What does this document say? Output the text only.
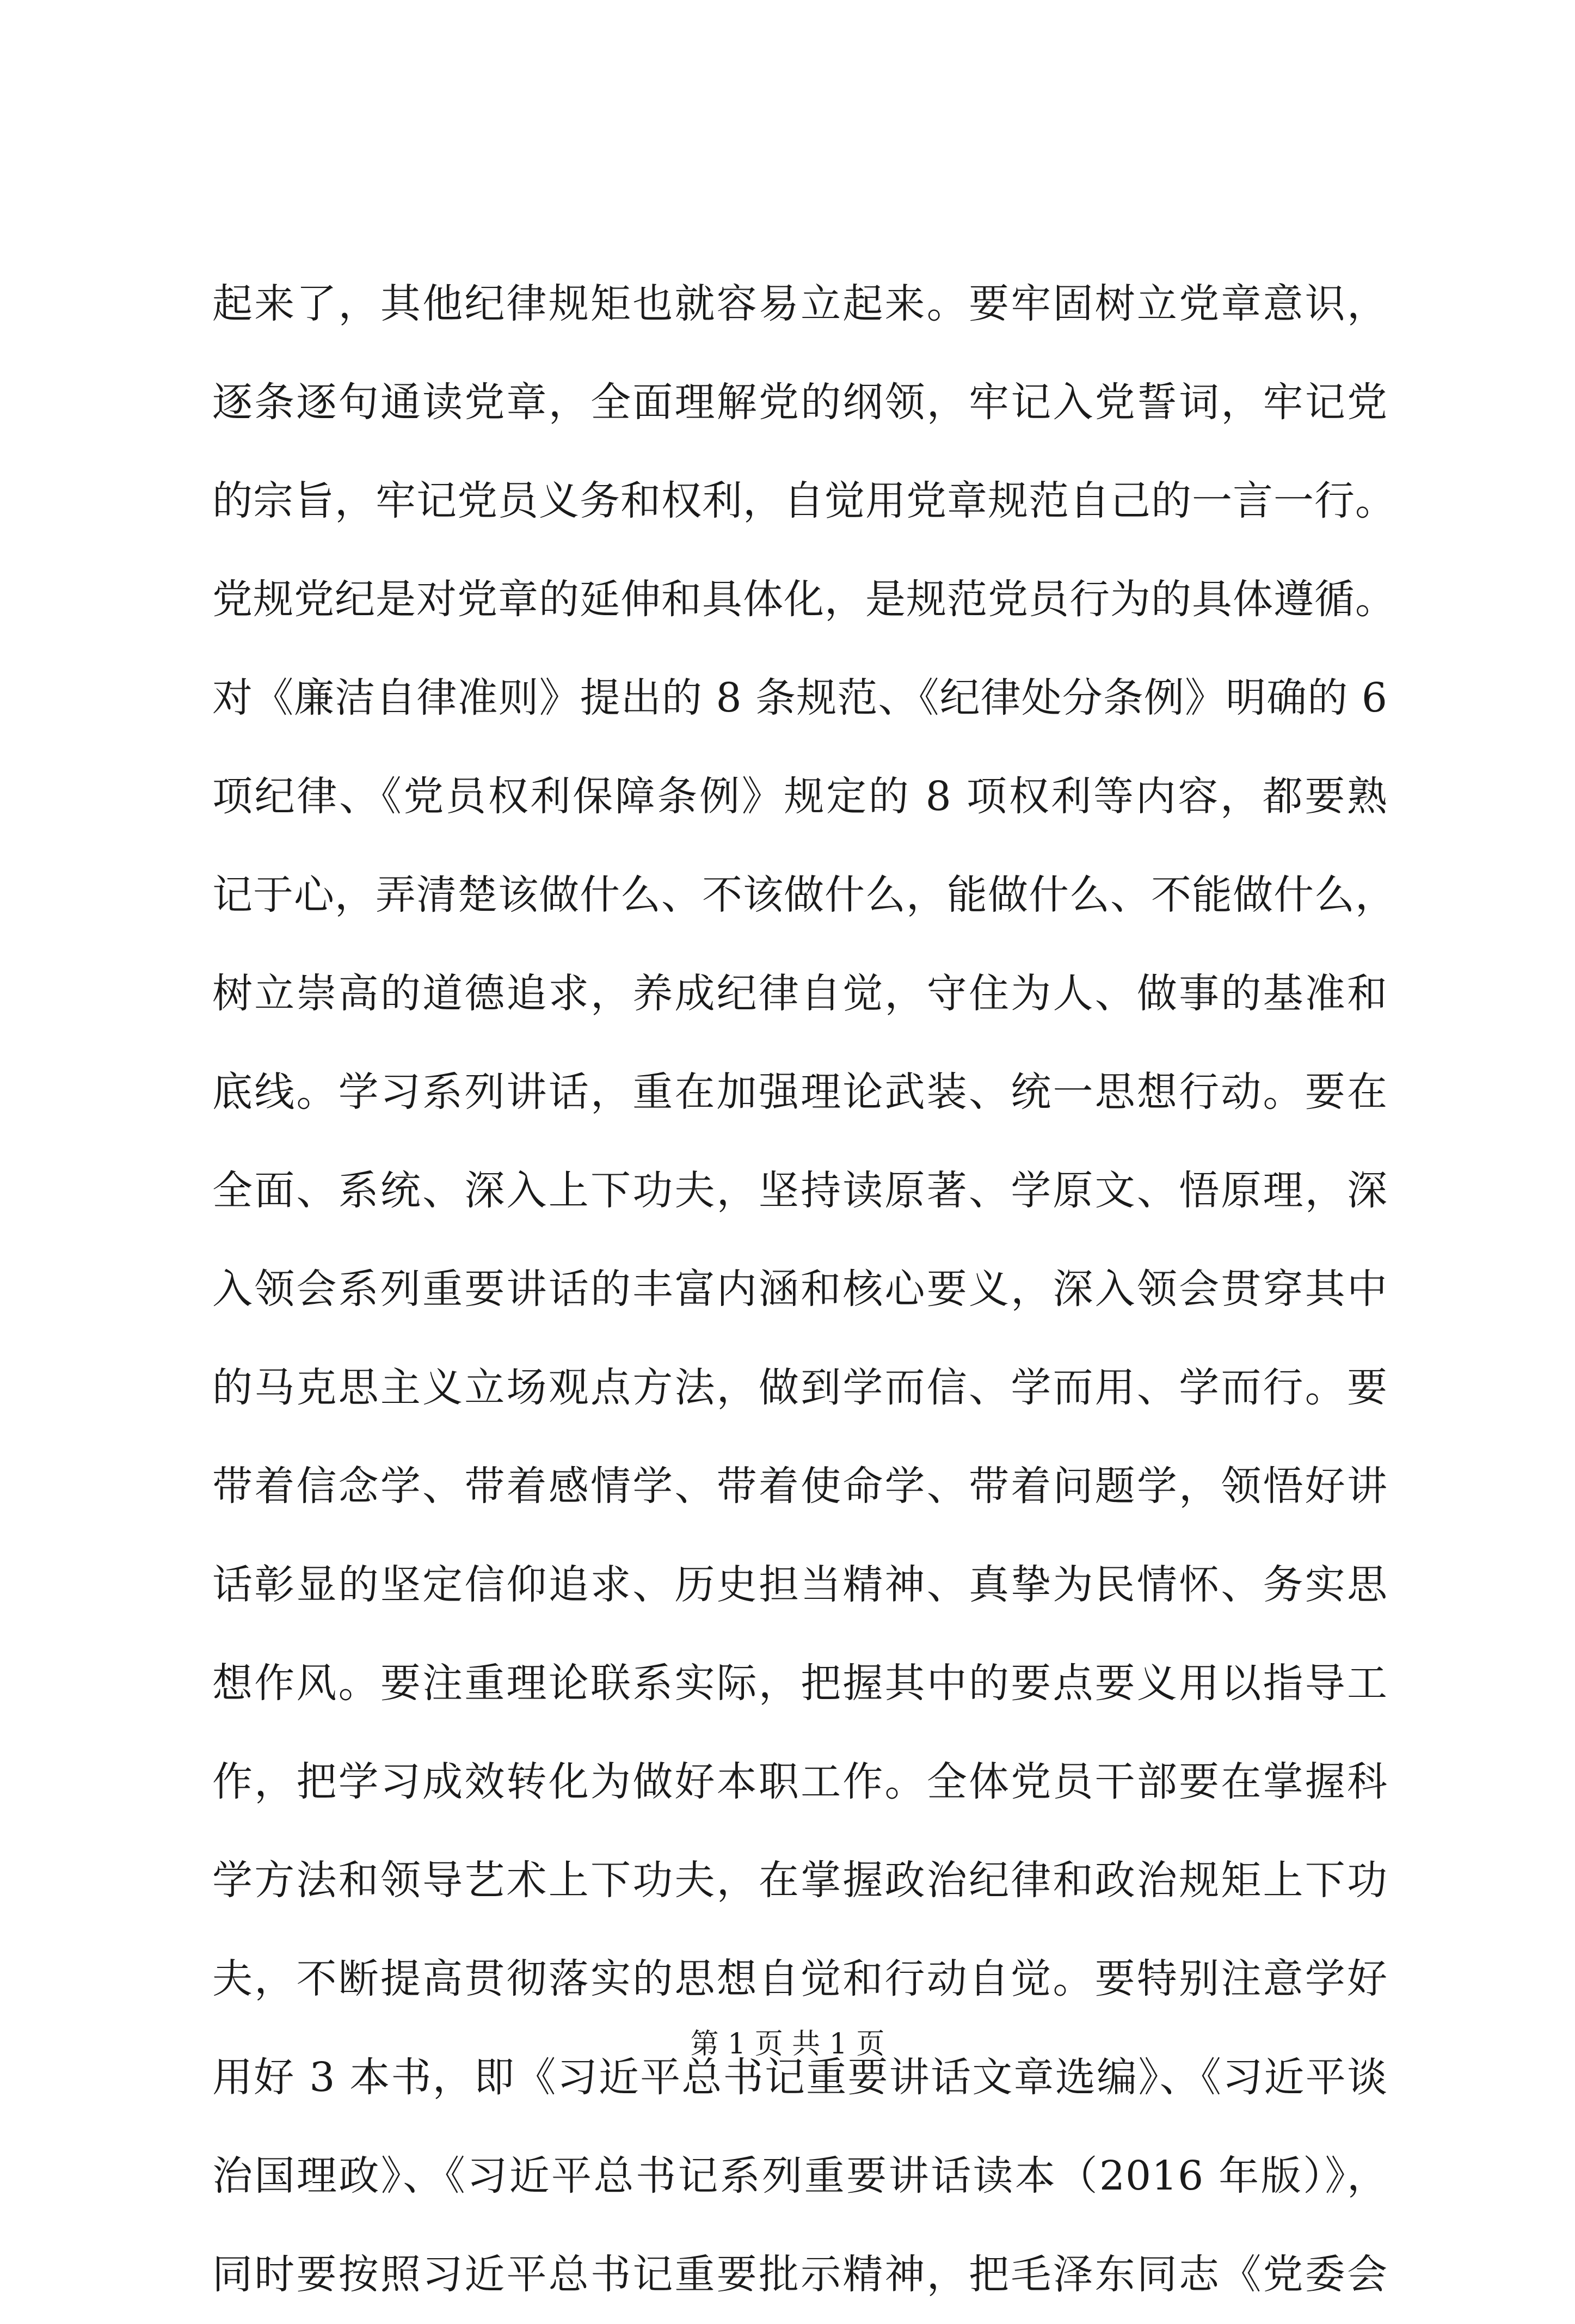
起来了，其他纪律规矩也就容易立起来。要牢固树立党章意识，
逐条逐句通读党章，全面理解党的纲领，牢记入党誓词，牢记党
的宗旨，牢记党员义务和权利，自觉用党章规范自己的一言一行。
党规党纪是对党章的延伸和具体化，是规范党员行为的具体遵循。
对《廉洁自律准则》提出的 8 条规范、《纪律处分条例》明确的 6
项纪律、《党员权利保障条例》规定的 8 项权利等内容，都要熟
记于心，弄清楚该做什么、不该做什么，能做什么、不能做什么，
树立崇高的道德追求，养成纪律自觉，守住为人、做事的基准和
底线。学习系列讲话，重在加强理论武装、统一思想行动。要在
全面、系统、深入上下功夫，坚持读原著、学原文、悟原理，深
入领会系列重要讲话的丰富内涵和核心要义，深入领会贯穿其中
的马克思主义立场观点方法，做到学而信、学而用、学而行。要
带着信念学、带着感情学、带着使命学、带着问题学，领悟好讲
话彰显的坚定信仰追求、历史担当精神、真挚为民情怀、务实思
想作风。要注重理论联系实际，把握其中的要点要义用以指导工
作，把学习成效转化为做好本职工作。全体党员干部要在掌握科
学方法和领导艺术上下功夫，在掌握政治纪律和政治规矩上下功
夫，不断提高贯彻落实的思想自觉和行动自觉。要特别注意学好
用好 3 本书，即《习近平总书记重要讲话文章选编》、《习近平谈
治国理政》、《习近平总书记系列重要讲话读本（2016 年版）》，
同时要按照习近平总书记重要批示精神，把毛泽东同志《党委会
第 1 页 共 1 页
